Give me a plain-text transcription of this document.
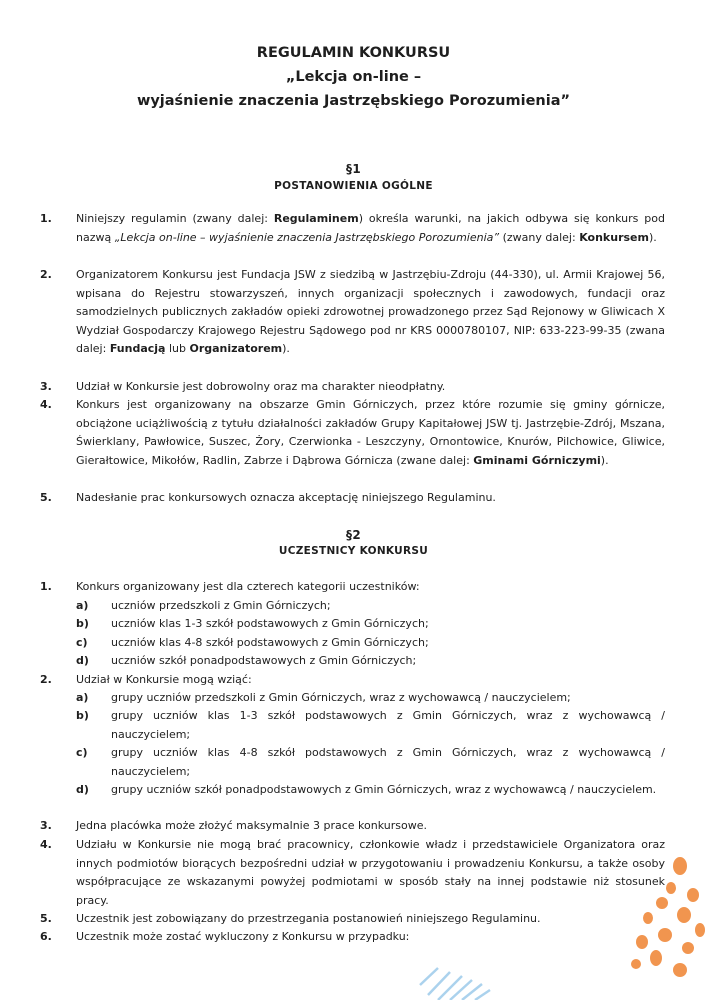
REGULAMIN KONKURSU
„Lekcja on-line –
wyjaśnienie znaczenia Jastrzębskiego Porozumienia”
§1
POSTANOWIENIA OGÓLNE
1. Niniejszy regulamin (zwany dalej: Regulaminem) określa warunki, na jakich odbywa się konkurs pod nazwą „Lekcja on-line – wyjaśnienie znaczenia Jastrzębskiego Porozumienia” (zwany dalej: Konkursem).
2. Organizatorem Konkursu jest Fundacja JSW z siedzibą w Jastrzębiu-Zdroju (44-330), ul. Armii Krajowej 56, wpisana do Rejestru stowarzyszeń, innych organizacji społecznych i zawodowych, fundacji oraz samodzielnych publicznych zakładów opieki zdrowotnej prowadzonego przez Sąd Rejonowy w Gliwicach X Wydział Gospodarczy Krajowego Rejestru Sądowego pod nr KRS 0000780107, NIP: 633-223-99-35 (zwana dalej: Fundacją lub Organizatorem).
3. Udział w Konkursie jest dobrowolny oraz ma charakter nieodpłatny.
4. Konkurs jest organizowany na obszarze Gmin Górniczych, przez które rozumie się gminy górnicze, obciążone uciążliwością z tytułu działalności zakładów Grupy Kapitałowej JSW tj. Jastrzębie-Zdrój, Mszana, Świerklany, Pawłowice, Suszec, Żory, Czerwionka - Leszczyny, Ornontowice, Knurów, Pilchowice, Gliwice, Gierałtowice, Mikołów, Radlin, Zabrze i Dąbrowa Górnicza (zwane dalej: Gminami Górniczymi).
5. Nadesłanie prac konkursowych oznacza akceptację niniejszego Regulaminu.
§2
UCZESTNICY KONKURSU
1. Konkurs organizowany jest dla czterech kategorii uczestników:
a) uczniów przedszkoli z Gmin Górniczych;
b) uczniów klas 1-3 szkół podstawowych z Gmin Górniczych;
c) uczniów klas 4-8 szkół podstawowych z Gmin Górniczych;
d) uczniów szkół ponadpodstawowych z Gmin Górniczych;
2. Udział w Konkursie mogą wziąć:
a) grupy uczniów przedszkoli z Gmin Górniczych, wraz z wychowawcą / nauczycielem;
b) grupy uczniów klas 1-3 szkół podstawowych z Gmin Górniczych, wraz z wychowawcą / nauczycielem;
c) grupy uczniów klas 4-8 szkół podstawowych z Gmin Górniczych, wraz z wychowawcą / nauczycielem;
d) grupy uczniów szkół ponadpodstawowych z Gmin Górniczych, wraz z wychowawcą / nauczycielem.
3. Jedna placówka może złożyć maksymalnie 3 prace konkursowe.
4. Udziału w Konkursie nie mogą brać pracownicy, członkowie władz i przedstawiciele Organizatora oraz innych podmiotów biorących bezpośredni udział w przygotowaniu i prowadzeniu Konkursu, a także osoby współpracujące ze wskazanymi powyżej podmiotami w sposób stały na innej podstawie niż stosunek pracy.
5. Uczestnik jest zobowiązany do przestrzegania postanowień niniejszego Regulaminu.
6. Uczestnik może zostać wykluczony z Konkursu w przypadku:
